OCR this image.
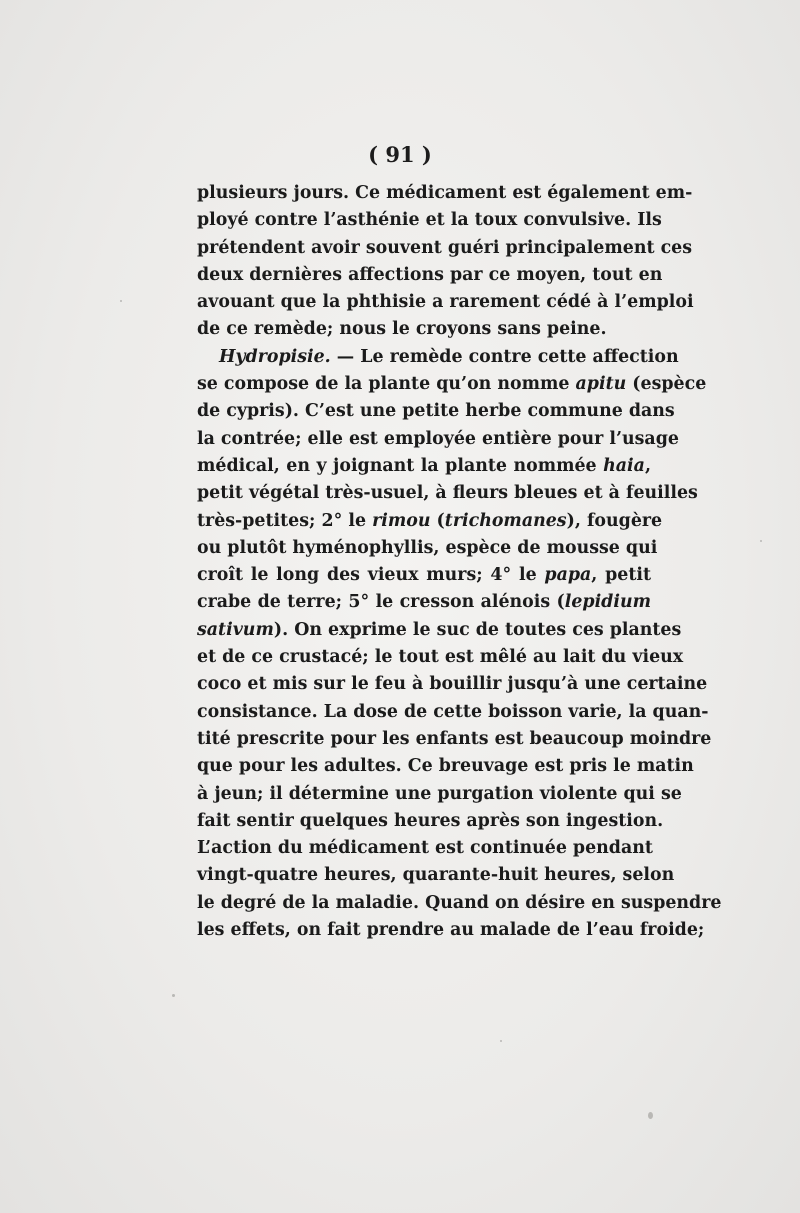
( 91 )
plusieurs jours. Ce médicament est également em-
ployé contre l’asthénie et la toux convulsive. Ils
prétendent avoir souvent guéri principalement ces
deux dernières affections par ce moyen, tout en
avouant que la phthisie a rarement cédé à l’emploi
de ce remède; nous le croyons sans peine.
Hydropisie. — Le remède contre cette affection
se compose de la plante qu’on nomme apitu (espèce
de cypris). C’est une petite herbe commune dans
la contrée; elle est employée entière pour l’usage
médical, en y joignant la plante nommée haia,
petit végétal très-usuel, à fleurs bleues et à feuilles
très-petites; 2° le rimou (trichomanes), fougère
ou plutôt hyménophyllis, espèce de mousse qui
croît le long des vieux murs; 4° le papa, petit
crabe de terre; 5° le cresson alénois (lepidium
sativum). On exprime le suc de toutes ces plantes
et de ce crustacé; le tout est mêlé au lait du vieux
coco et mis sur le feu à bouillir jusqu’à une certaine
consistance. La dose de cette boisson varie, la quan-
tité prescrite pour les enfants est beaucoup moindre
que pour les adultes. Ce breuvage est pris le matin
à jeun; il détermine une purgation violente qui se
fait sentir quelques heures après son ingestion.
L’action du médicament est continuée pendant
vingt-quatre heures, quarante-huit heures, selon
le degré de la maladie. Quand on désire en suspendre
les effets, on fait prendre au malade de l’eau froide;
